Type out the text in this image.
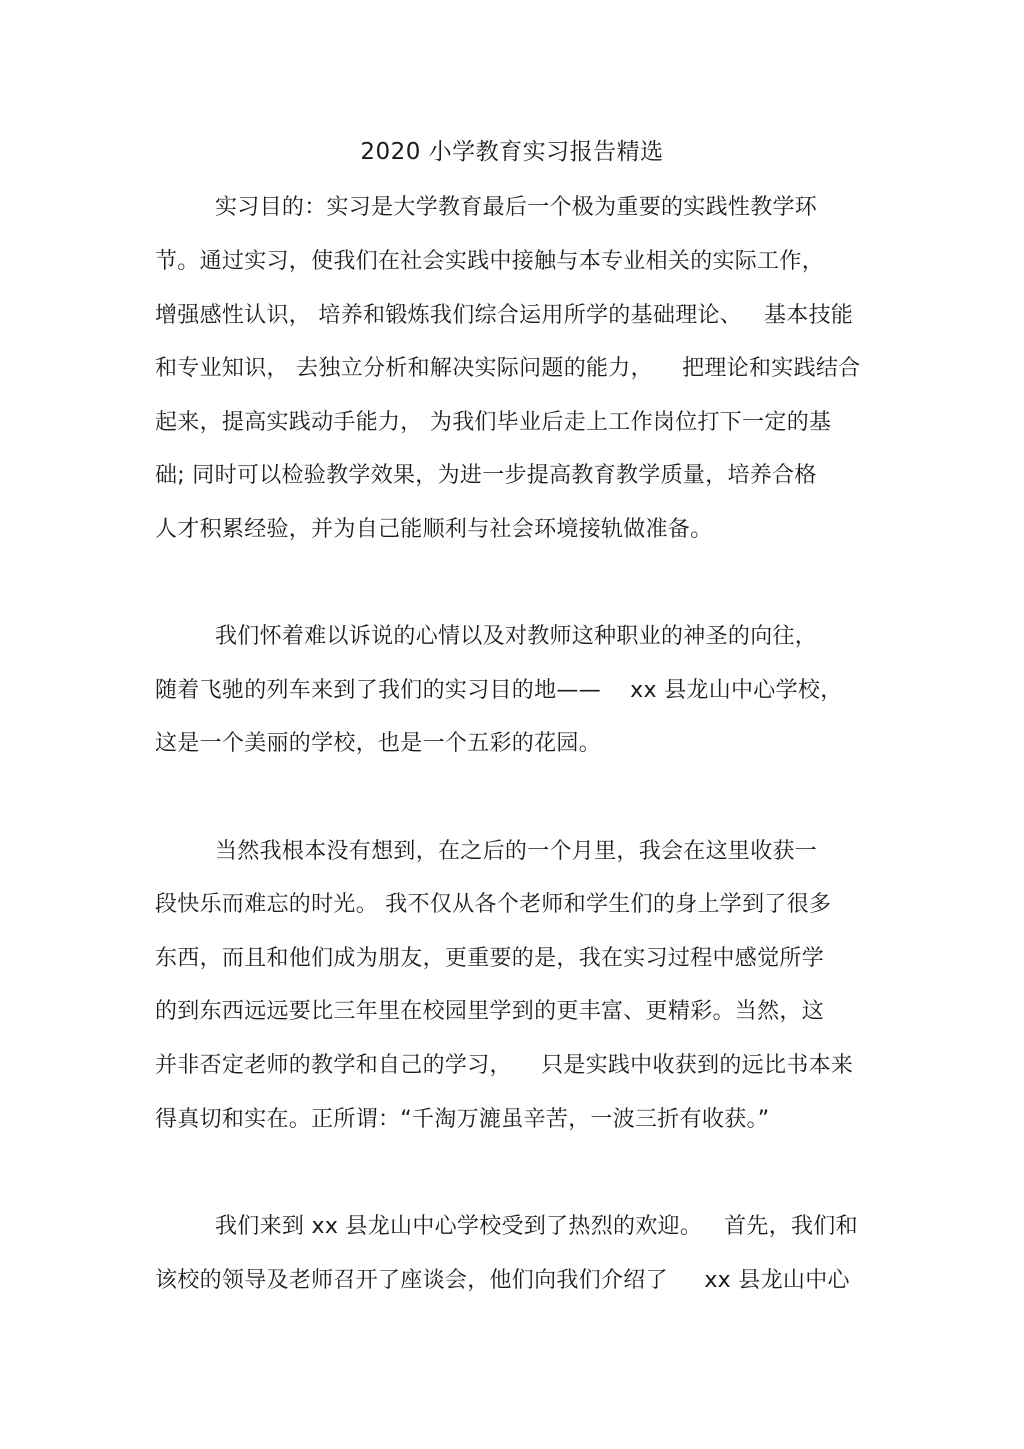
2020 小学教育实习报告精选

实习目的：实习是大学教育最后一个极为重要的实践性教学环

节。通过实习，使我们在社会实践中接触与本专业相关的实际工作，

增强感性认识， 培养和锻炼我们综合运用所学的基础理论、   基本技能

和专业知识， 去独立分析和解决实际问题的能力，    把理论和实践结合

起来，提高实践动手能力， 为我们毕业后走上工作岗位打下一定的基

础; 同时可以检验教学效果，为进一步提高教育教学质量，培养合格

人才积累经验，并为自己能顺利与社会环境接轨做准备。

我们怀着难以诉说的心情以及对教师这种职业的神圣的向往，

随着飞驰的列车来到了我们的实习目的地——    xx 县龙山中心学校，

这是一个美丽的学校，也是一个五彩的花园。

当然我根本没有想到，在之后的一个月里，我会在这里收获一

段快乐而难忘的时光。 我不仅从各个老师和学生们的身上学到了很多

东西，而且和他们成为朋友，更重要的是，我在实习过程中感觉所学

的到东西远远要比三年里在校园里学到的更丰富、更精彩。当然，这

并非否定老师的教学和自己的学习，    只是实践中收获到的远比书本来

得真切和实在。正所谓：“千淘万漉虽辛苦，一波三折有收获。”

我们来到 xx 县龙山中心学校受到了热烈的欢迎。   首先，我们和

该校的领导及老师召开了座谈会，他们向我们介绍了     xx 县龙山中心
